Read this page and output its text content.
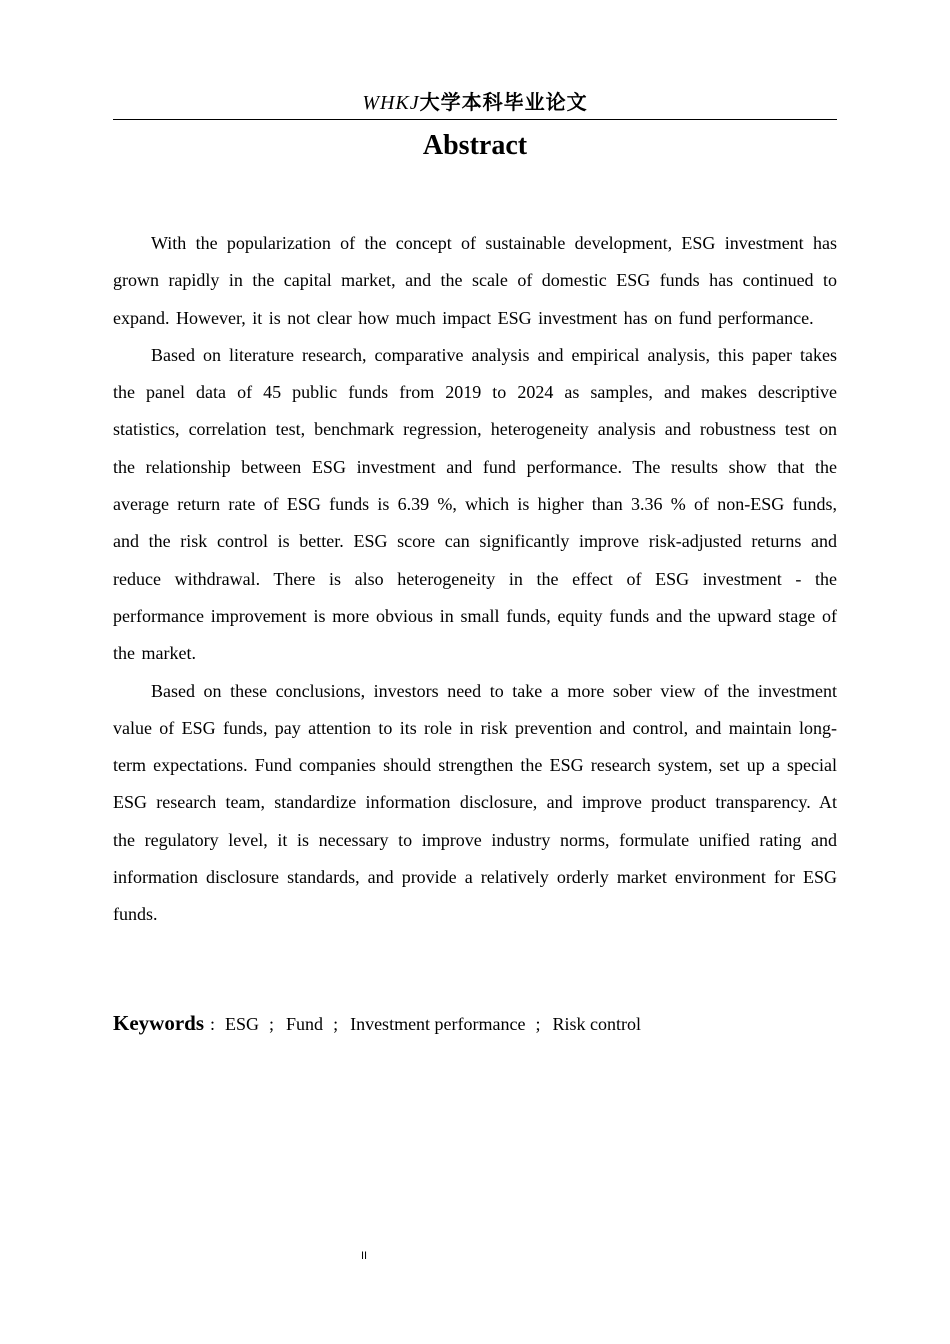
WHKJ大学本科毕业论文
Abstract

With the popularization of the concept of sustainable development, ESG investment has grown rapidly in the capital market, and the scale of domestic ESG funds has continued to expand. However, it is not clear how much impact ESG investment has on fund performance.

Based on literature research, comparative analysis and empirical analysis, this paper takes the panel data of 45 public funds from 2019 to 2024 as samples, and makes descriptive statistics, correlation test, benchmark regression, heterogeneity analysis and robustness test on the relationship between ESG investment and fund performance. The results show that the average return rate of ESG funds is 6.39 %, which is higher than 3.36 % of non-ESG funds, and the risk control is better. ESG score can significantly improve risk-adjusted returns and reduce withdrawal. There is also heterogeneity in the effect of ESG investment - the performance improvement is more obvious in small funds, equity funds and the upward stage of the market.

Based on these conclusions, investors need to take a more sober view of the investment value of ESG funds, pay attention to its role in risk prevention and control, and maintain long-term expectations. Fund companies should strengthen the ESG research system, set up a special ESG research team, standardize information disclosure, and improve product transparency. At the regulatory level, it is necessary to improve industry norms, formulate unified rating and information disclosure standards, and provide a relatively orderly market environment for ESG funds.

Keywords : ESG ; Fund ; Investment performance ; Risk control
II
